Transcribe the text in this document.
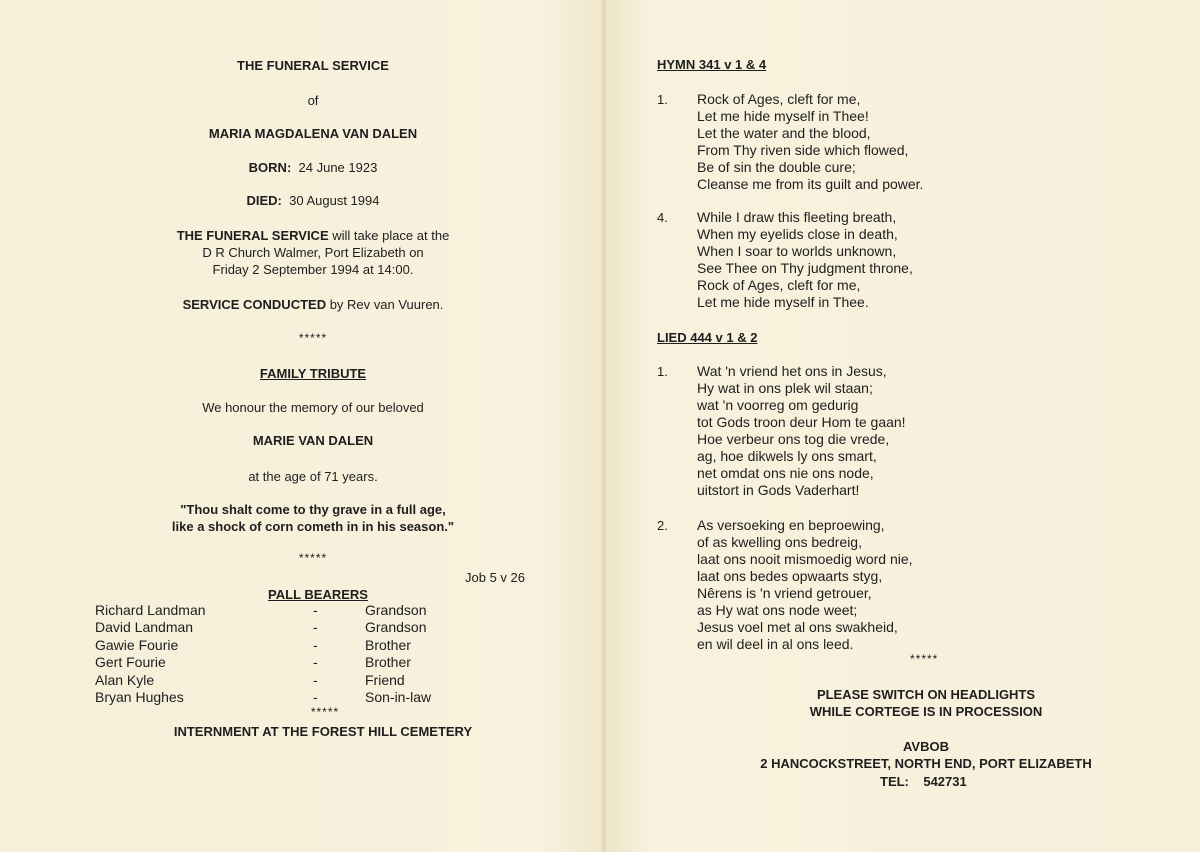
THE FUNERAL SERVICE
of
MARIA MAGDALENA VAN DALEN
BORN: 24 June 1923
DIED: 30 August 1994
THE FUNERAL SERVICE will take place at the
D R Church Walmer, Port Elizabeth on
Friday 2 September 1994 at 14:00.
SERVICE CONDUCTED by Rev van Vuuren.
*****
FAMILY TRIBUTE
We honour the memory of our beloved
MARIE VAN DALEN
at the age of 71 years.
"Thou shalt come to thy grave in a full age,
like a shock of corn cometh in in his season."
*****
Job 5 v 26
PALL BEARERS
Richard Landman
David Landman
Gawie Fourie
Gert Fourie
Alan Kyle
Bryan Hughes
-
-
-
-
-
-
Grandson
Grandson
Brother
Brother
Friend
Son-in-law
*****
INTERNMENT AT THE FOREST HILL CEMETERY
HYMN 341 v 1 & 4
1. Rock of Ages, cleft for me,
Let me hide myself in Thee!
Let the water and the blood,
From Thy riven side which flowed,
Be of sin the double cure;
Cleanse me from its guilt and power.
4. While I draw this fleeting breath,
When my eyelids close in death,
When I soar to worlds unknown,
See Thee on Thy judgment throne,
Rock of Ages, cleft for me,
Let me hide myself in Thee.
LIED 444 v 1 & 2
1. Wat 'n vriend het ons in Jesus,
Hy wat in ons plek wil staan;
wat 'n voorreg om gedurig
tot Gods troon deur Hom te gaan!
Hoe verbeur ons tog die vrede,
ag, hoe dikwels ly ons smart,
net omdat ons nie ons node,
uitstort in Gods Vaderhart!
2. As versoeking en beproewing,
of as kwelling ons bedreig,
laat ons nooit mismoedig word nie,
laat ons bedes opwaarts styg,
Nêrens is 'n vriend getrouer,
as Hy wat ons node weet;
Jesus voel met al ons swakheid,
en wil deel in al ons leed.
*****
PLEASE SWITCH ON HEADLIGHTS
WHILE CORTEGE IS IN PROCESSION
AVBOB
2 HANCOCKSTREET, NORTH END, PORT ELIZABETH
TEL: 542731
